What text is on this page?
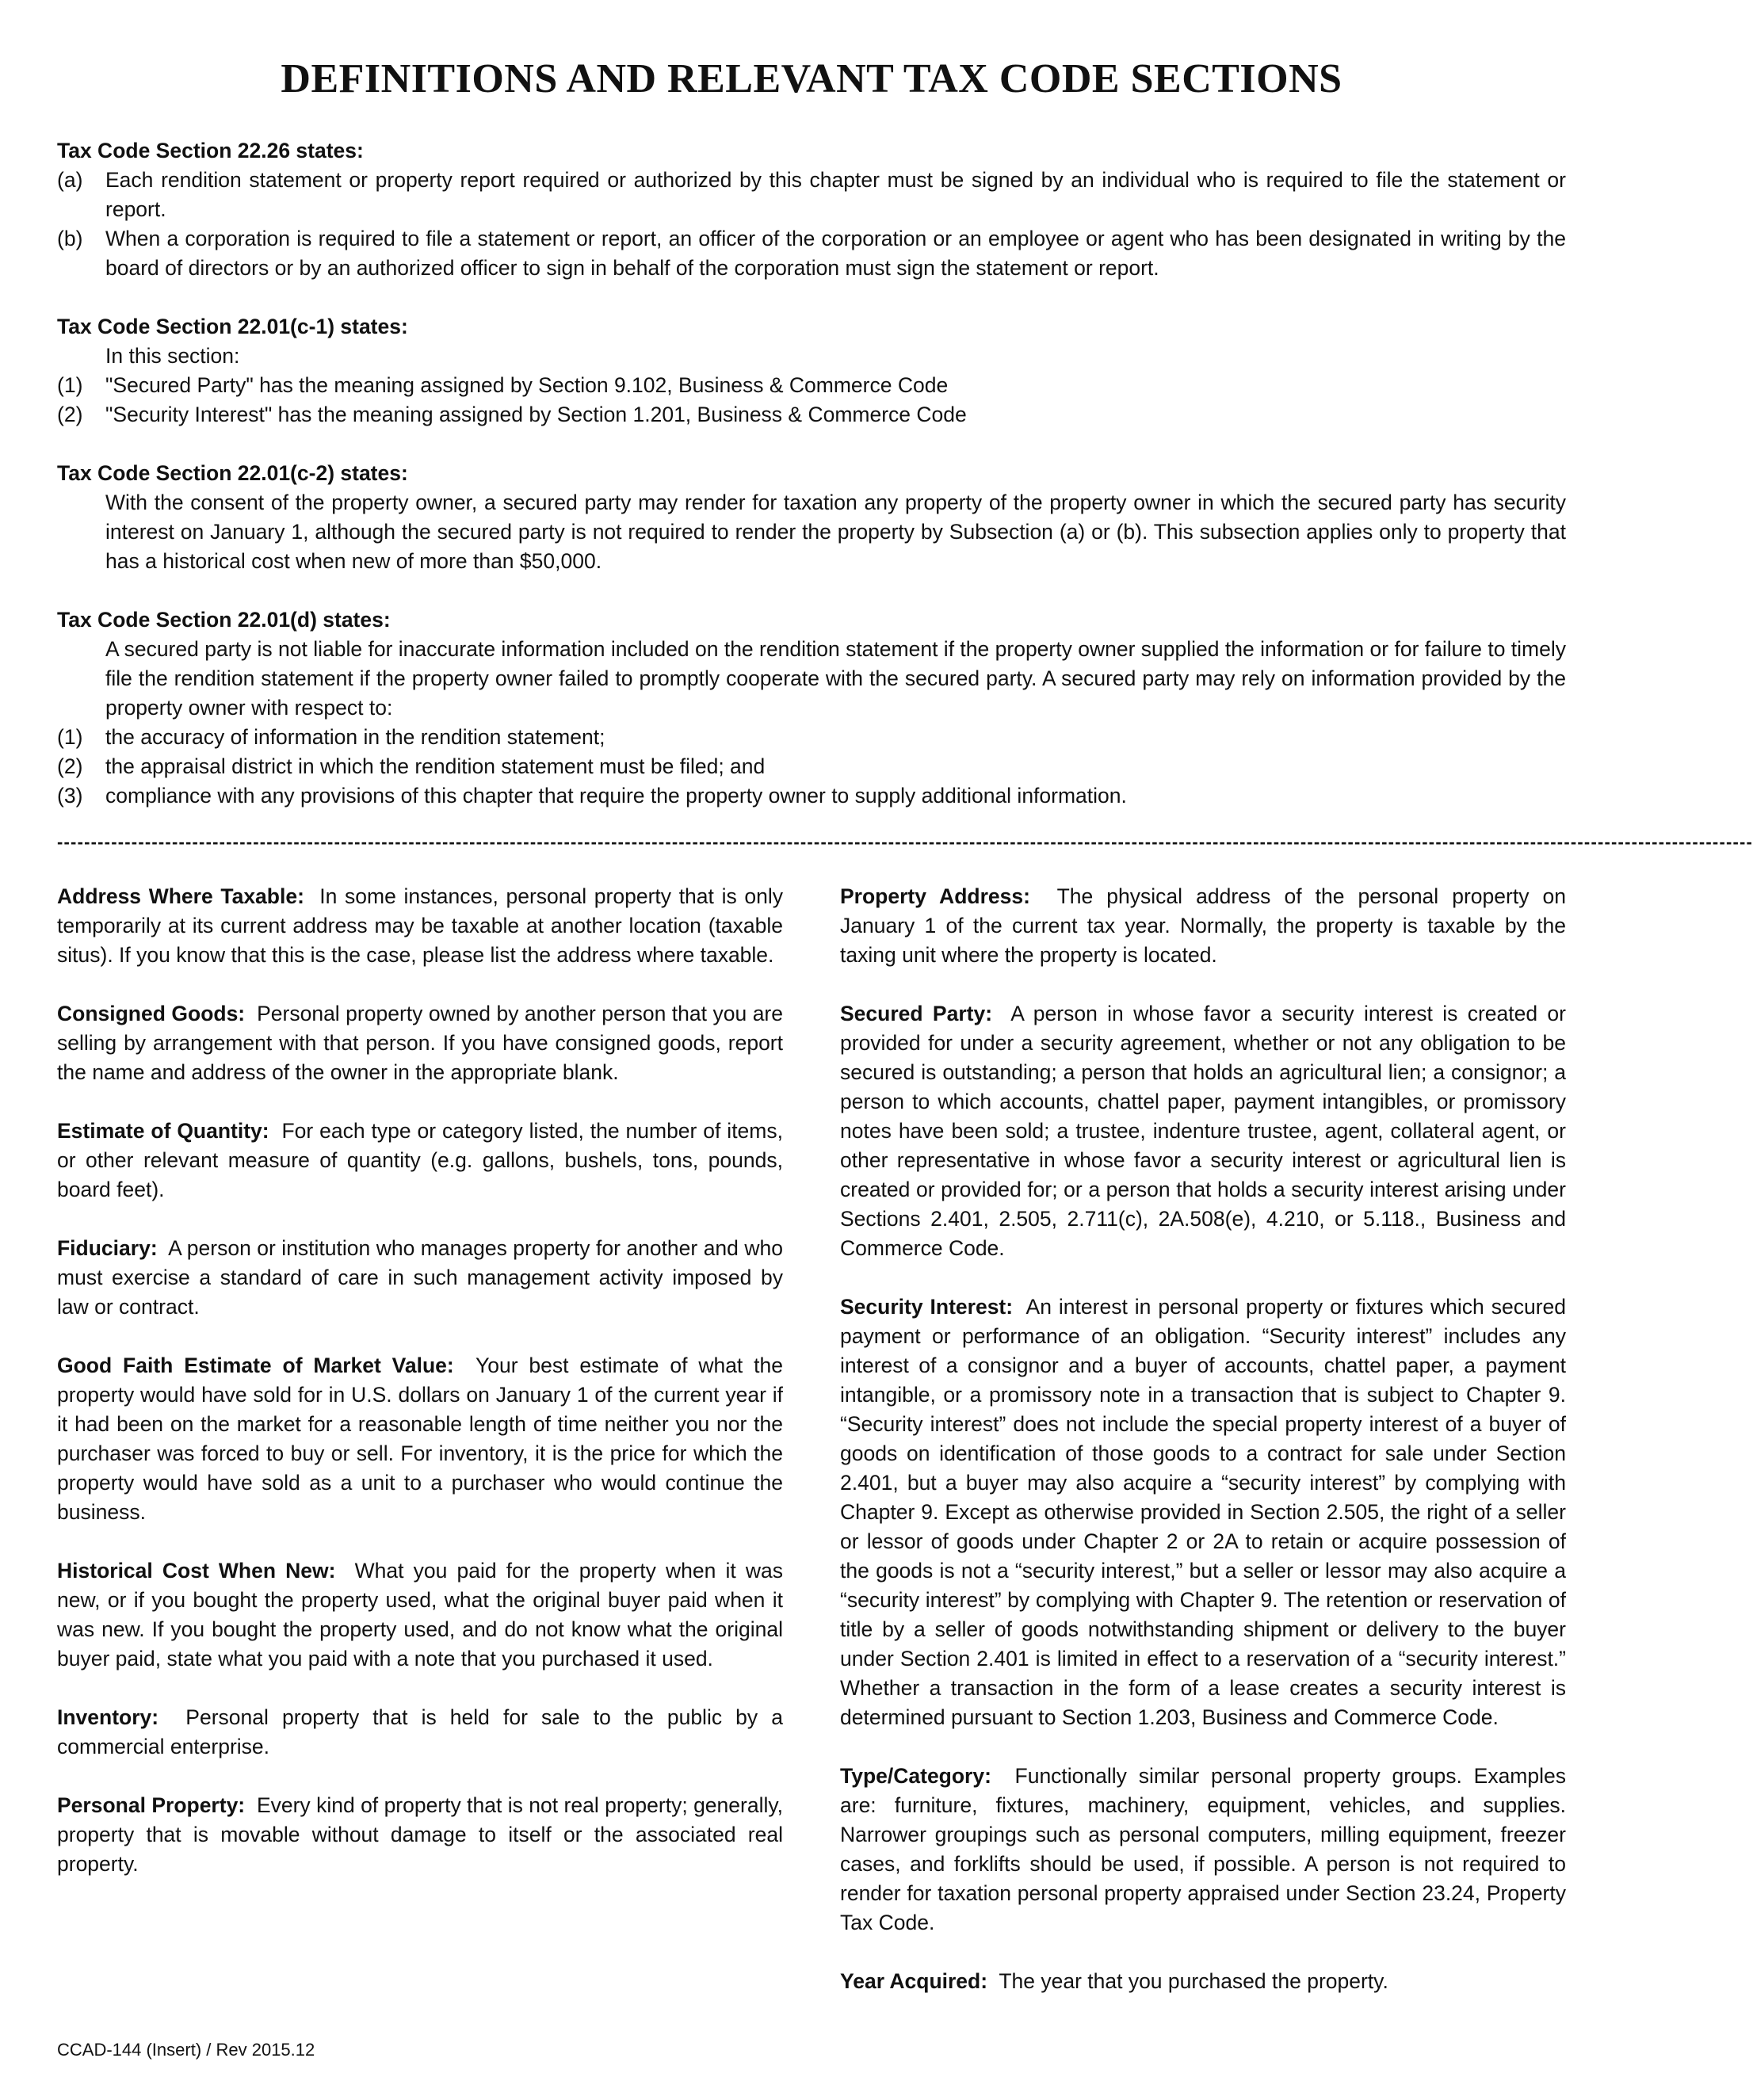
DEFINITIONS AND RELEVANT TAX CODE SECTIONS
Tax Code Section 22.26 states:
(a)	Each rendition statement or property report required or authorized by this chapter must be signed by an individual who is required to file the statement or report.
(b)	When a corporation is required to file a statement or report, an officer of the corporation or an employee or agent who has been designated in writing by the board of directors or by an authorized officer to sign in behalf of the corporation must sign the statement or report.
Tax Code Section 22.01(c-1) states:
In this section:
(1)	"Secured Party" has the meaning assigned by Section 9.102, Business & Commerce Code
(2)	"Security Interest" has the meaning assigned by Section 1.201, Business & Commerce Code
Tax Code Section 22.01(c-2) states:
With the consent of the property owner, a secured party may render for taxation any property of the property owner in which the secured party has security interest on January 1, although the secured party is not required to render the property by Subsection (a) or (b). This subsection applies only to property that has a historical cost when new of more than $50,000.
Tax Code Section 22.01(d) states:
A secured party is not liable for inaccurate information included on the rendition statement if the property owner supplied the information or for failure to timely file the rendition statement if the property owner failed to promptly cooperate with the secured party. A secured party may rely on information provided by the property owner with respect to:
(1)	the accuracy of information in the rendition statement;
(2)	the appraisal district in which the rendition statement must be filed; and
(3)	compliance with any provisions of this chapter that require the property owner to supply additional information.
-----------------------------------------------------------------------------------------------------------------------------------------------------------------------------------------------------------------------------------------------------------
Address Where Taxable: In some instances, personal property that is only temporarily at its current address may be taxable at another location (taxable situs). If you know that this is the case, please list the address where taxable.
Consigned Goods: Personal property owned by another person that you are selling by arrangement with that person. If you have consigned goods, report the name and address of the owner in the appropriate blank.
Estimate of Quantity: For each type or category listed, the number of items, or other relevant measure of quantity (e.g. gallons, bushels, tons, pounds, board feet).
Fiduciary: A person or institution who manages property for another and who must exercise a standard of care in such management activity imposed by law or contract.
Good Faith Estimate of Market Value: Your best estimate of what the property would have sold for in U.S. dollars on January 1 of the current year if it had been on the market for a reasonable length of time neither you nor the purchaser was forced to buy or sell. For inventory, it is the price for which the property would have sold as a unit to a purchaser who would continue the business.
Historical Cost When New: What you paid for the property when it was new, or if you bought the property used, what the original buyer paid when it was new. If you bought the property used, and do not know what the original buyer paid, state what you paid with a note that you purchased it used.
Inventory: Personal property that is held for sale to the public by a commercial enterprise.
Personal Property: Every kind of property that is not real property; generally, property that is movable without damage to itself or the associated real property.
Property Address: The physical address of the personal property on January 1 of the current tax year. Normally, the property is taxable by the taxing unit where the property is located.
Secured Party: A person in whose favor a security interest is created or provided for under a security agreement, whether or not any obligation to be secured is outstanding; a person that holds an agricultural lien; a consignor; a person to which accounts, chattel paper, payment intangibles, or promissory notes have been sold; a trustee, indenture trustee, agent, collateral agent, or other representative in whose favor a security interest or agricultural lien is created or provided for; or a person that holds a security interest arising under Sections 2.401, 2.505, 2.711(c), 2A.508(e), 4.210, or 5.118., Business and Commerce Code.
Security Interest: An interest in personal property or fixtures which secured payment or performance of an obligation. “Security interest” includes any interest of a consignor and a buyer of accounts, chattel paper, a payment intangible, or a promissory note in a transaction that is subject to Chapter 9. “Security interest” does not include the special property interest of a buyer of goods on identification of those goods to a contract for sale under Section 2.401, but a buyer may also acquire a “security interest” by complying with Chapter 9. Except as otherwise provided in Section 2.505, the right of a seller or lessor of goods under Chapter 2 or 2A to retain or acquire possession of the goods is not a “security interest,” but a seller or lessor may also acquire a “security interest” by complying with Chapter 9. The retention or reservation of title by a seller of goods notwithstanding shipment or delivery to the buyer under Section 2.401 is limited in effect to a reservation of a “security interest.” Whether a transaction in the form of a lease creates a security interest is determined pursuant to Section 1.203, Business and Commerce Code.
Type/Category: Functionally similar personal property groups. Examples are: furniture, fixtures, machinery, equipment, vehicles, and supplies. Narrower groupings such as personal computers, milling equipment, freezer cases, and forklifts should be used, if possible. A person is not required to render for taxation personal property appraised under Section 23.24, Property Tax Code.
Year Acquired: The year that you purchased the property.
CCAD-144 (Insert) / Rev 2015.12
